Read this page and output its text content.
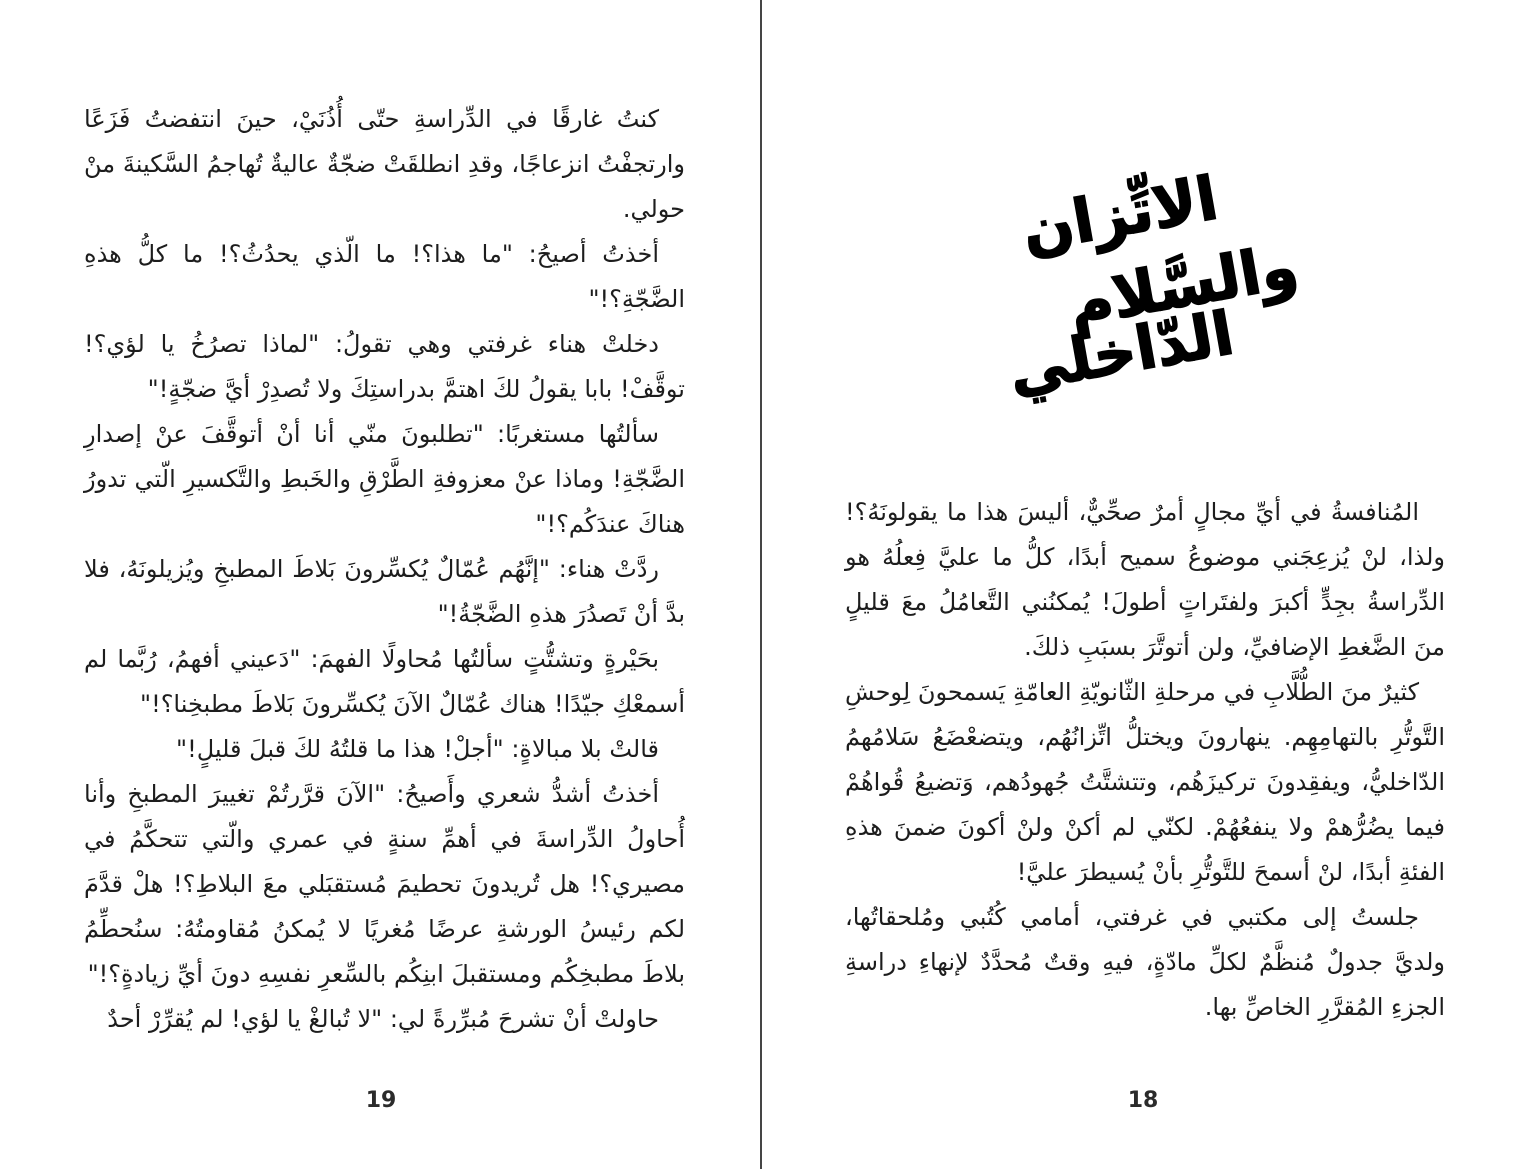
كنتُ غارقًا في الدِّراسةِ حتّى أُذُنَيْ، حينَ انتفضتُ فَزَعًا وارتجفْتُ انزعاجًا، وقدِ انطلقَتْ ضجّةٌ عاليةٌ تُهاجمُ السَّكينةَ منْ حولي.

أخذتُ أصيحُ: "ما هذا؟! ما الّذي يحدُثُ؟! ما كلُّ هذهِ الضَّجّةِ؟!"

دخلتْ هناء غرفتي وهي تقولُ: "لماذا تصرُخُ يا لؤي؟! توقَّفْ! بابا يقولُ لكَ اهتمَّ بدراستِكَ ولا تُصدِرْ أيَّ ضجّةٍ!"

سألتُها مستغربًا: "تطلبونَ منّي أنا أنْ أتوقَّفَ عنْ إصدارِ الضَّجّةِ! وماذا عنْ معزوفةِ الطَّرْقِ والخَبطِ والتَّكسيرِ الّتي تدورُ هناكَ عندَكُم؟!"

ردَّتْ هناء: "إنَّهُم عُمّالٌ يُكسِّرونَ بَلاطَ المطبخِ ويُزيلونَهُ، فلا بدَّ أنْ تَصدُرَ هذهِ الضَّجّةُ!"

بحَيْرةٍ وتشتُّتٍ سألتُها مُحاولًا الفهمَ: "دَعيني أفهمُ، رُبَّما لم أسمعْكِ جيّدًا! هناك عُمّالٌ الآنَ يُكسِّرونَ بَلاطَ مطبخِنا؟!"

قالتْ بلا مبالاةٍ: "أجلْ! هذا ما قلتُهُ لكَ قبلَ قليلٍ!"

أخذتُ أشدُّ شعري وأَصيحُ: "الآنَ قرَّرتُمْ تغييرَ المطبخِ وأنا أُحاولُ الدِّراسةَ في أهمِّ سنةٍ في عمري والّتي تتحكَّمُ في مصيري؟! هل تُريدونَ تحطيمَ مُستقبَلي معَ البلاطِ؟! هلْ قدَّمَ لكم رئيسُ الورشةِ عرضًا مُغريًا لا يُمكنُ مُقاومتُهُ: سنُحطِّمُ بلاطَ مطبخِكُم ومستقبلَ ابنِكُم بالسِّعرِ نفسِهِ دونَ أيِّ زيادةٍ؟!"

حاولتْ أنْ تشرحَ مُبرِّرةً لي: "لا تُبالغْ يا لؤي! لم يُقرِّرْ أحدٌ

19
الاتِّزان
والسَّلام
الدّاخلي

المُنافسةُ في أيِّ مجالٍ أمرٌ صحِّيٌّ، أليسَ هذا ما يقولونَهُ؟! ولذا، لنْ يُزعِجَني موضوعُ سميح أبدًا، كلُّ ما عليَّ فِعلُهُ هو الدِّراسةُ بجِدٍّ أكبرَ ولفتَراتٍ أطولَ! يُمكنُني التَّعامُلُ معَ قليلٍ منَ الضَّغطِ الإضافيِّ، ولن أتوتَّرَ بسبَبِ ذلكَ.

كثيرٌ منَ الطُّلَّابِ في مرحلةِ الثّانويّةِ العامّةِ يَسمحونَ لِوحشِ التَّوتُّرِ بالتهامِهِم. ينهارونَ ويختلُّ اتِّزانُهُم، ويتضعْضَعُ سَلامُهمُ الدّاخليُّ، ويفقِدونَ تركيزَهُم، وتتشتَّتُ جُهودُهم، وَتضيعُ قُواهُمْ فيما يضُرُّهمْ ولا ينفعُهُمْ. لكنّي لم أكنْ ولنْ أكونَ ضمنَ هذهِ الفئةِ أبدًا، لنْ أسمحَ للتَّوتُّرِ بأنْ يُسيطرَ عليَّ!

جلستُ إلى مكتبي في غرفتي، أمامي كُتُبي ومُلحقاتُها، ولديَّ جدولٌ مُنظَّمٌ لكلِّ مادّةٍ، فيهِ وقتٌ مُحدَّدٌ لإنهاءِ دراسةِ الجزءِ المُقرَّرِ الخاصِّ بها.

18
